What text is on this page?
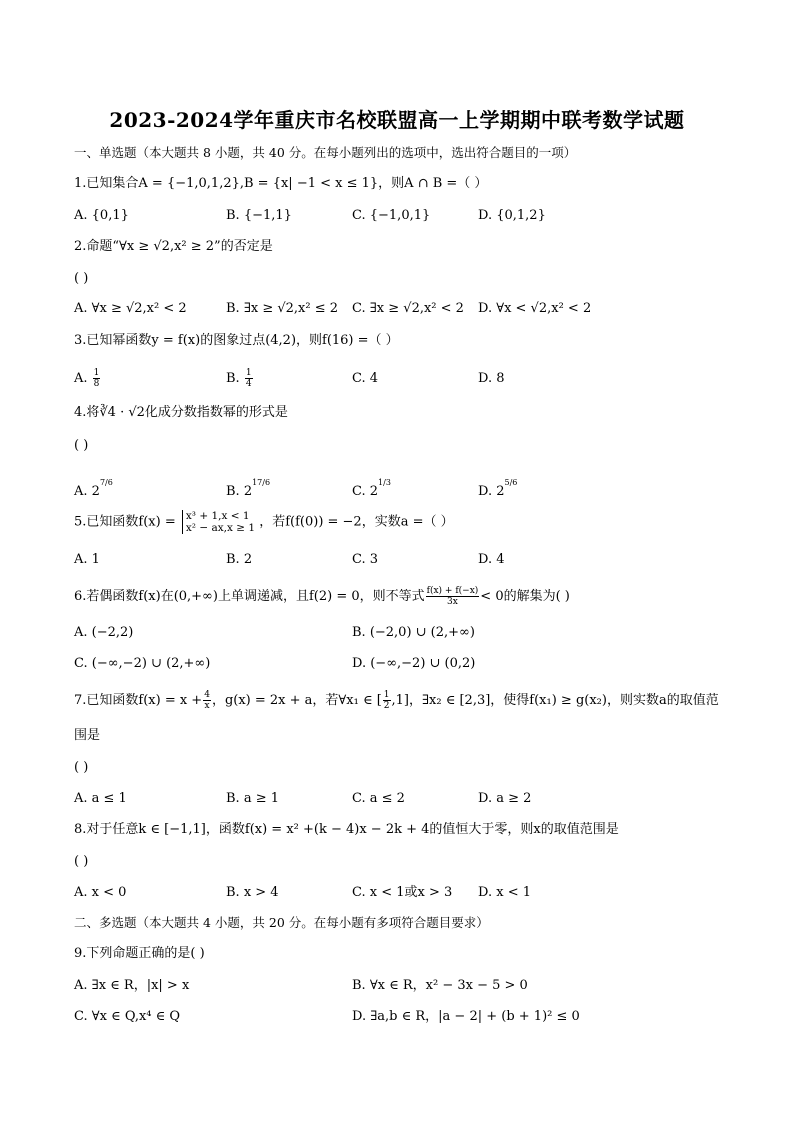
2023-2024学年重庆市名校联盟高一上学期期中联考数学试题
一、单选题（本大题共 8 小题，共 40 分。在每小题列出的选项中，选出符合题目的一项）
1.已知集合A = {−1,0,1,2},B = {x| −1 < x ≤ 1}，则A ∩ B =（ ）
A. {0,1}	B. {−1,1}	C. {−1,0,1}	D. {0,1,2}
2.命题“∀x ≥ √2,x² ≥ 2”的否定是
( )
A. ∀x ≥ √2,x² < 2	B. ∃x ≥ √2,x² ≤ 2 C. ∃x ≥ √2,x² < 2 D. ∀x < √2,x² < 2
3.已知幂函数y = f(x)的图象过点(4,2)，则f(16) =（ ）
A. $\frac{1}{8}$	B. $\frac{1}{4}$	C. 4	D. 8
4.将∛4 · √2化成分数指数幂的形式是
( )
A. $2^{7/6}$
B. $2^{17/6}$
C. $2^{1/3}$
D. $2^{5/6}$
5.已知函数f(x) = x³ + 1,x < 1
x² − ax,x ≥ 1 ，若f(f(0)) = −2，实数a =（ ）
A. 1	B. 2	C. 3	D. 4
6.若偶函数f(x)在(0,+∞)上单调递减，且f(2) = 0，则不等式 $\frac{f(x) + f(-x)}{3x} < 0$的解集为( )
A. (−2,2)	B. (−2,0) ∪ (2,+∞)
C. (−∞,−2) ∪ (2,+∞)	D. (−∞,−2) ∪ (0,2)
7.已知函数$f(x) = x + \frac{4}{x}$ ，g(x) = 2x + a，若∀x₁ ∈ [ $\frac{1}{2} ,1$]，∃x₂ ∈ [2,3]，使得f(x₁) ≥ g(x₂)，则实数a的取值范
围是
( )
A. a ≤ 1	B. a ≥ 1	C. a ≤ 2	D. a ≥ 2
8.对于任意k ∈ [−1,1]，函数f(x) = x² +(k − 4)x − 2k + 4的值恒大于零，则x的取值范围是
( )
A. x < 0	B. x > 4	C. x < 1或x > 3 D. x < 1
二、多选题（本大题共 4 小题，共 20 分。在每小题有多项符合题目要求）
9.下列命题正确的是( )
A. ∃x ∈ R，|x| > x	B. ∀x ∈ R，x² − 3x − 5 > 0
C. ∀x ∈ Q,x⁴ ∈ Q	D. ∃a,b ∈ R，|a − 2| + (b + 1)² ≤ 0
